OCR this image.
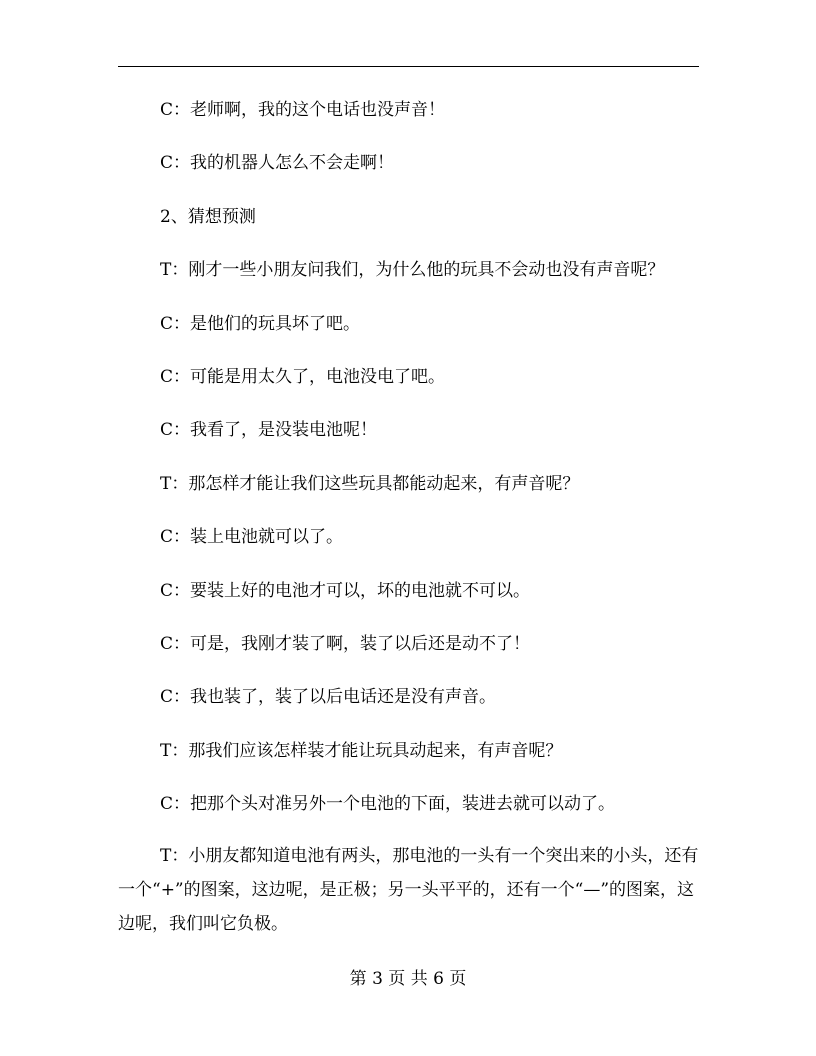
C：老师啊，我的这个电话也没声音！

C：我的机器人怎么不会走啊！

2、猜想预测

T：刚才一些小朋友问我们，为什么他的玩具不会动也没有声音呢？

C：是他们的玩具坏了吧。

C：可能是用太久了，电池没电了吧。

C：我看了，是没装电池呢！

T：那怎样才能让我们这些玩具都能动起来，有声音呢？

C：装上电池就可以了。

C：要装上好的电池才可以，坏的电池就不可以。

C：可是，我刚才装了啊，装了以后还是动不了！

C：我也装了，装了以后电话还是没有声音。

T：那我们应该怎样装才能让玩具动起来，有声音呢？

C：把那个头对准另外一个电池的下面，装进去就可以动了。

T：小朋友都知道电池有两头，那电池的一头有一个突出来的小头，还有一个“+”的图案，这边呢，是正极；另一头平平的，还有一个“—”的图案，这边呢，我们叫它负极。

第 3 页 共 6 页
